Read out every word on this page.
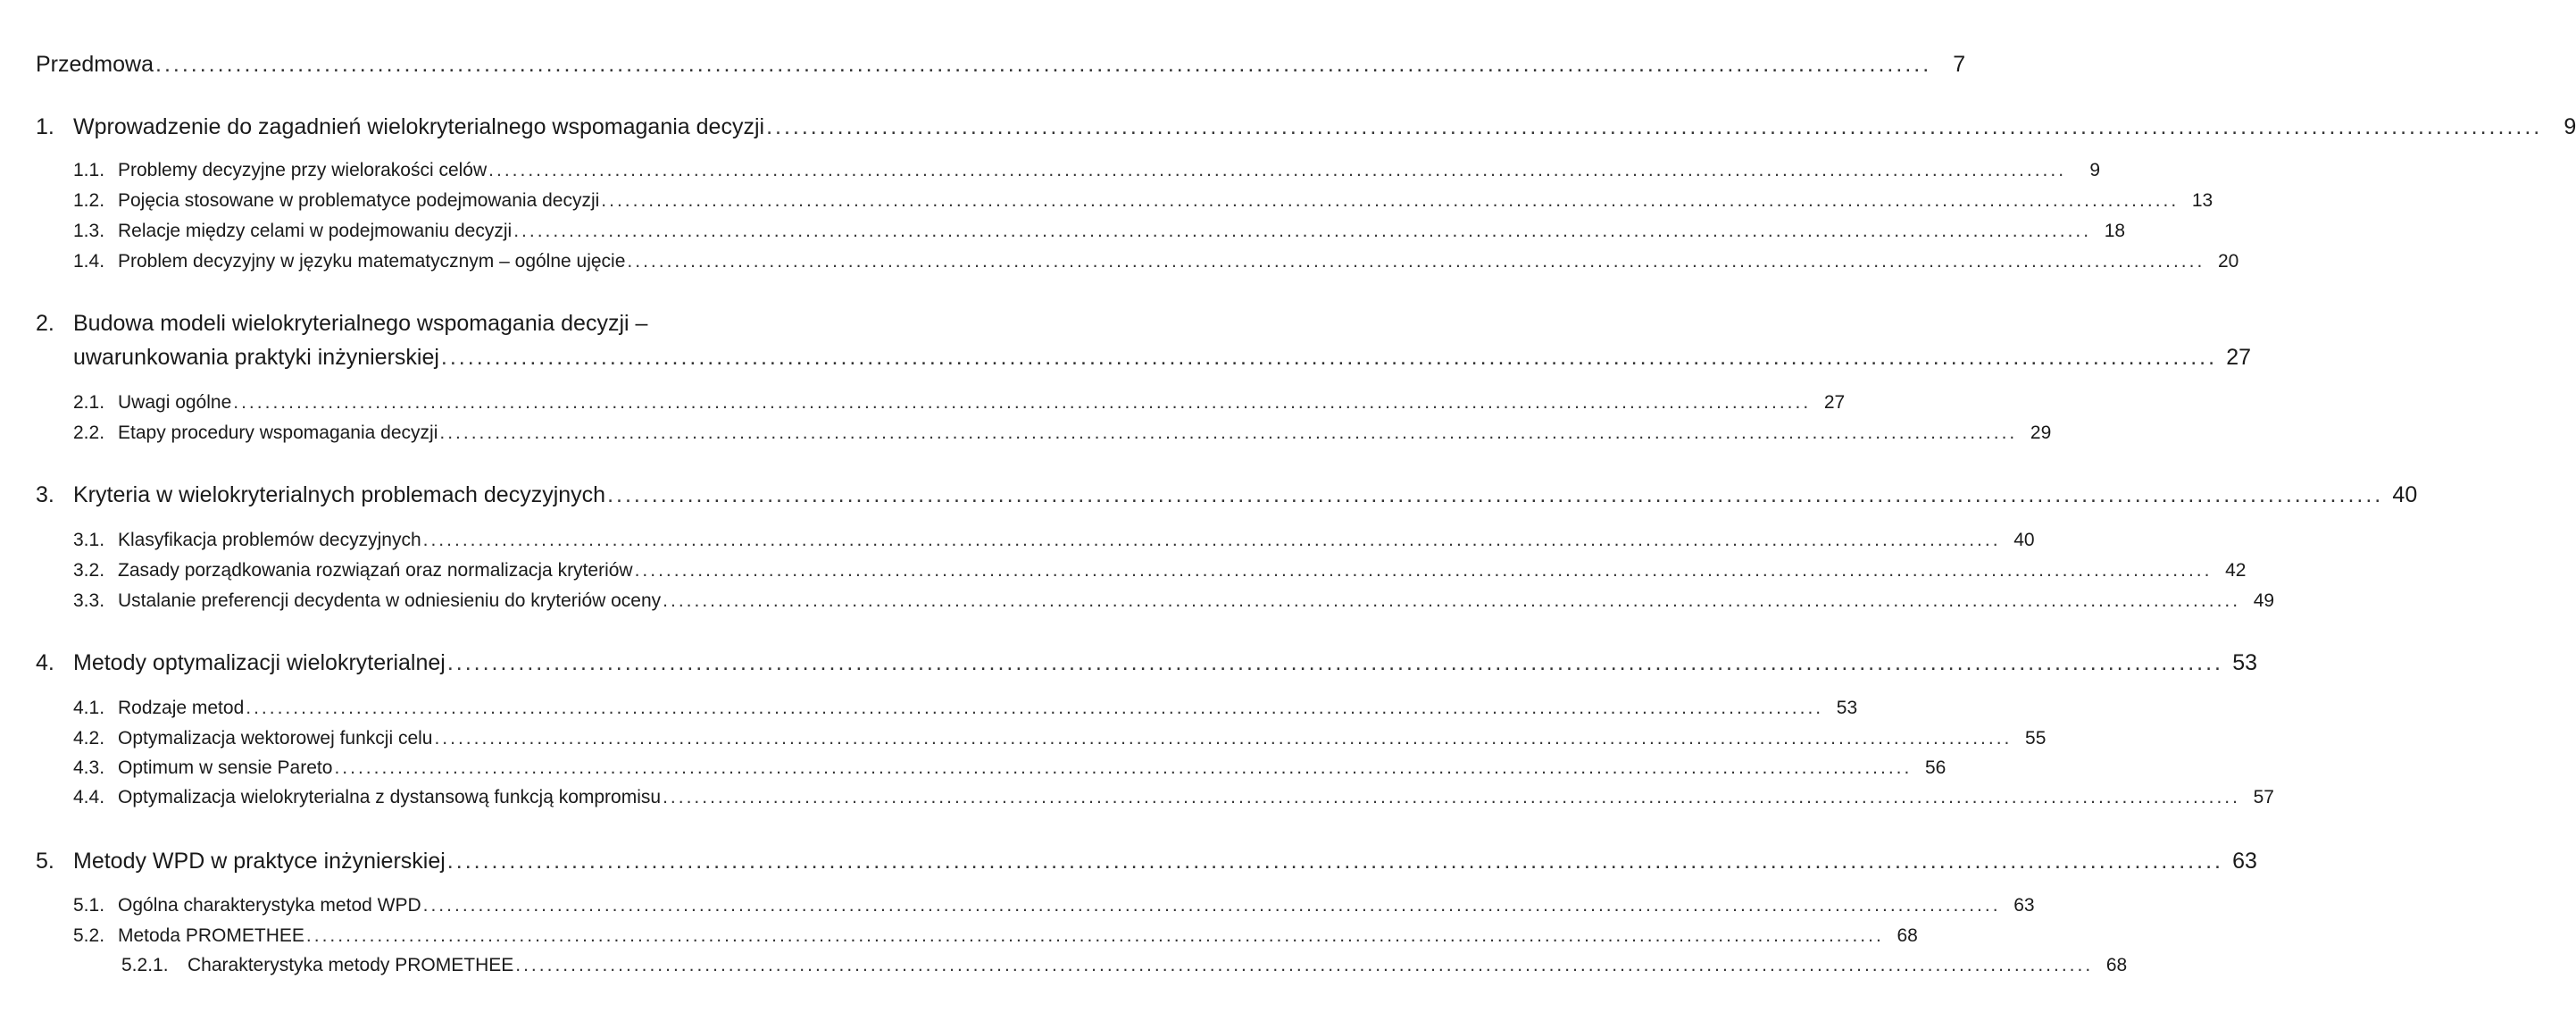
Przedmowa ........................................................................................................................................................................................................ 7
1. Wprowadzenie do zagadnień wielokryterialnego wspomagania decyzji ........................................................................................................................................................................................................ 9
1.1. Problemy decyzyjne przy wielorakości celów ........................................................................................................................................................................................................	9
1.2. Pojęcia stosowane w problematyce podejmowania decyzji ........................................................................................................................................................................................................ 13
1.3. Relacje między celami w podejmowaniu decyzji ........................................................................................................................................................................................................ 18
1.4. Problem decyzyjny w języku matematycznym – ogólne ujęcie ........................................................................................................................................................................................................ 20
2. Budowa modeli wielokryterialnego wspomagania decyzji –
uwarunkowania praktyki inżynierskiej ........................................................................................................................................................................................................ 27
2.1. Uwagi ogólne ........................................................................................................................................................................................................ 27
2.2. Etapy procedury wspomagania decyzji ........................................................................................................................................................................................................ 29
3. Kryteria w wielokryterialnych problemach decyzyjnych ........................................................................................................................................................................................................ 40
3.1. Klasyfikacja problemów decyzyjnych ........................................................................................................................................................................................................ 40
3.2. Zasady porządkowania rozwiązań oraz normalizacja kryteriów ........................................................................................................................................................................................................ 42
3.3. Ustalanie preferencji decydenta w odniesieniu do kryteriów oceny ........................................................................................................................................................................................................ 49
4. Metody optymalizacji wielokryterialnej ........................................................................................................................................................................................................ 53
4.1. Rodzaje metod ........................................................................................................................................................................................................ 53
4.2. Optymalizacja wektorowej funkcji celu ........................................................................................................................................................................................................ 55
4.3. Optimum w sensie Pareto ........................................................................................................................................................................................................ 56
4.4. Optymalizacja wielokryterialna z dystansową funkcją kompromisu ........................................................................................................................................................................................................ 57
5. Metody WPD w praktyce inżynierskiej ........................................................................................................................................................................................................ 63
5.1. Ogólna charakterystyka metod WPD ........................................................................................................................................................................................................ 63
5.2. Metoda PROMETHEE ........................................................................................................................................................................................................ 68
5.2.1.	Charakterystyka metody PROMETHEE ........................................................................................................................................................................................................ 68
